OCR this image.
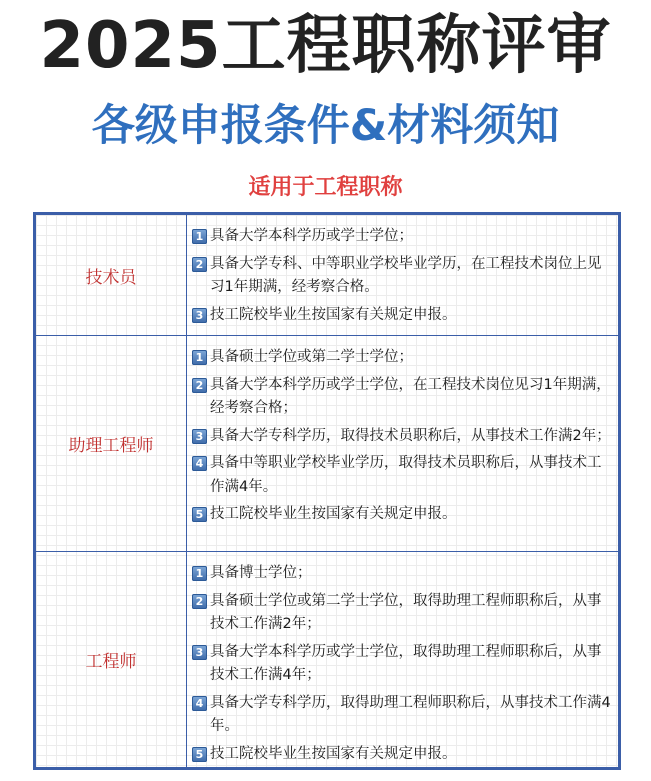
2025工程职称评审
各级申报条件&材料须知
适用于工程职称
技术员
1 具备大学本科学历或学士学位；
2 具备大学专科、中等职业学校毕业学历，在工程技术岗位上见习1年期满，经考察合格。
3 技工院校毕业生按国家有关规定申报。
助理工程师
1 具备硕士学位或第二学士学位；
2 具备大学本科学历或学士学位，在工程技术岗位见习1年期满，经考察合格；
3 具备大学专科学历，取得技术员职称后，从事技术工作满2年；
4 具备中等职业学校毕业学历，取得技术员职称后，从事技术工作满4年。
5 技工院校毕业生按国家有关规定申报。
工程师
1 具备博士学位；
2 具备硕士学位或第二学士学位，取得助理工程师职称后，从事技术工作满2年；
3 具备大学本科学历或学士学位，取得助理工程师职称后，从事技术工作满4年；
4 具备大学专科学历，取得助理工程师职称后，从事技术工作满4年。
5 技工院校毕业生按国家有关规定申报。
